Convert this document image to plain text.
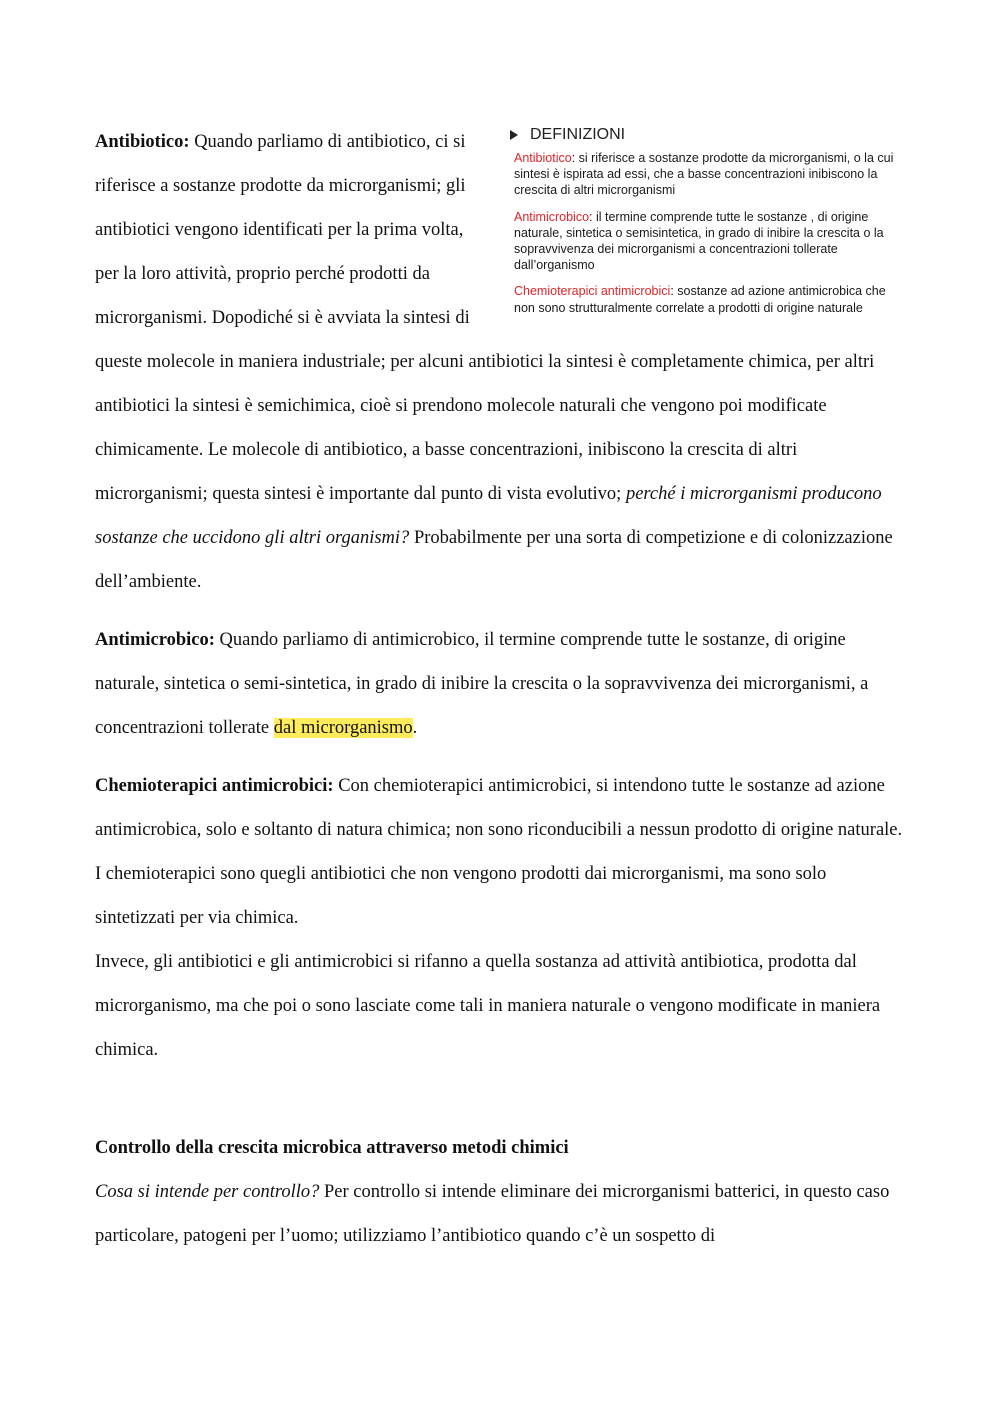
DEFINIZIONI
Antibiotico: si riferisce a sostanze prodotte da microrganismi, o la cui sintesi è ispirata ad essi, che a basse concentrazioni inibiscono la crescita di altri microrganismi
Antimicrobico: il termine comprende tutte le sostanze , di origine naturale, sintetica o semisintetica, in grado di inibire la crescita o la sopravvivenza dei microrganismi a concentrazioni tollerate dall’organismo
Chemioterapici antimicrobici: sostanze ad azione antimicrobica che non sono strutturalmente correlate a prodotti di origine naturale
Antibiotico: Quando parliamo di antibiotico, ci si riferisce a sostanze prodotte da microrganismi; gli antibiotici vengono identificati per la prima volta, per la loro attività, proprio perché prodotti da microrganismi. Dopodiché si è avviata la sintesi di queste molecole in maniera industriale; per alcuni antibiotici la sintesi è completamente chimica, per altri antibiotici la sintesi è semichimica, cioè si prendono molecole naturali che vengono poi modificate chimicamente. Le molecole di antibiotico, a basse concentrazioni, inibiscono la crescita di altri microrganismi; questa sintesi è importante dal punto di vista evolutivo; perché i microrganismi producono sostanze che uccidono gli altri organismi? Probabilmente per una sorta di competizione e di colonizzazione dell’ambiente.

Antimicrobico: Quando parliamo di antimicrobico, il termine comprende tutte le sostanze, di origine naturale, sintetica o semi-sintetica, in grado di inibire la crescita o la sopravvivenza dei microrganismi, a concentrazioni tollerate dal microrganismo.

Chemioterapici antimicrobici: Con chemioterapici antimicrobici, si intendono tutte le sostanze ad azione antimicrobica, solo e soltanto di natura chimica; non sono riconducibili a nessun prodotto di origine naturale. I chemioterapici sono quegli antibiotici che non vengono prodotti dai microrganismi, ma sono solo sintetizzati per via chimica.

Invece, gli antibiotici e gli antimicrobici si rifanno a quella sostanza ad attività antibiotica, prodotta dal microrganismo, ma che poi o sono lasciate come tali in maniera naturale o vengono modificate in maniera chimica.

Controllo della crescita microbica attraverso metodi chimici

Cosa si intende per controllo? Per controllo si intende eliminare dei microrganismi batterici, in questo caso particolare, patogeni per l’uomo; utilizziamo l’antibiotico quando c’è un sospetto di
